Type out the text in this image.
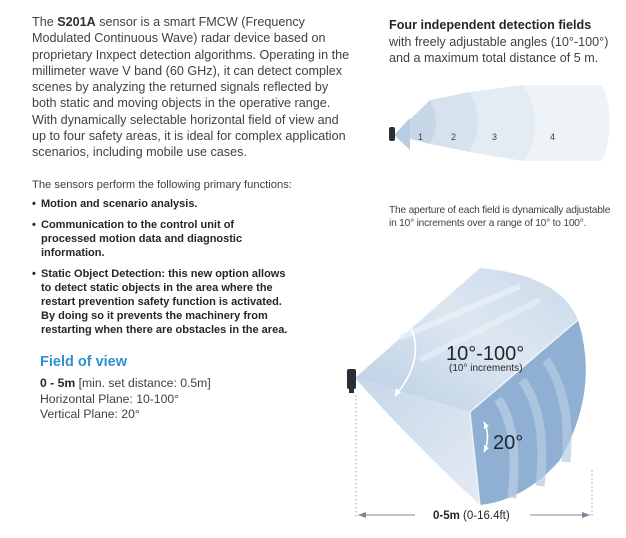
The S201A sensor is a smart FMCW (Frequency Modulated Continuous Wave) radar device based on proprietary Inxpect detection algorithms. Operating in the millimeter wave V band (60 GHz), it can detect complex scenes by analyzing the returned signals reflected by both static and moving objects in the operative range. With dynamically selectable horizontal field of view and up to four safety areas, it is ideal for complex application scenarios, including mobile use cases.

The sensors perform the following primary functions:

• Motion and scenario analysis.
• Communication to the control unit of processed motion data and diagnostic information.
• Static Object Detection: this new option allows to detect static objects in the area where the restart prevention safety function is activated. By doing so it prevents the machinery from restarting when there are obstacles in the area.
Field of view
0 - 5m [min. set distance: 0.5m]
Horizontal Plane: 10-100°
Vertical Plane: 20°
Four independent detection fields

with freely adjustable angles (10°-100°) and a maximum total distance of 5 m.

The aperture of each field is dynamically adjustable in 10° increments over a range of 10° to 100°.

1	2	3	4
10°-100°
(10° increments)
20°
0-5m (0-16.4ft)
